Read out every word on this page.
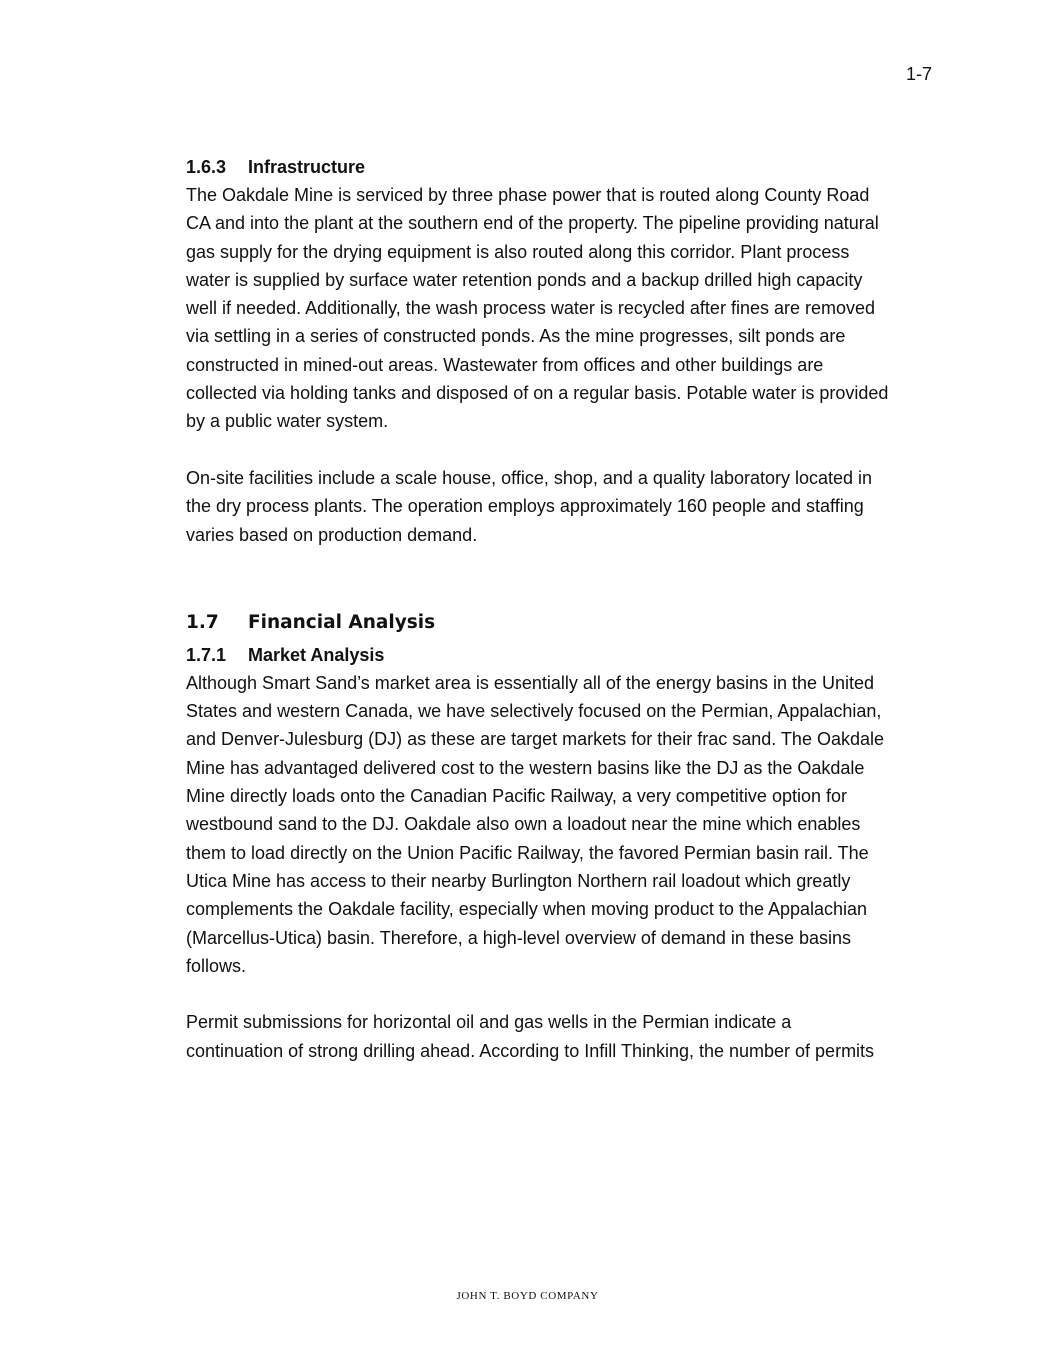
1-7
1.6.3	Infrastructure

The Oakdale Mine is serviced by three phase power that is routed along County Road
CA and into the plant at the southern end of the property. The pipeline providing natural
gas supply for the drying equipment is also routed along this corridor. Plant process
water is supplied by surface water retention ponds and a backup drilled high capacity
well if needed. Additionally, the wash process water is recycled after fines are removed
via settling in a series of constructed ponds. As the mine progresses, silt ponds are
constructed in mined-out areas. Wastewater from offices and other buildings are
collected via holding tanks and disposed of on a regular basis. Potable water is provided
by a public water system.

On-site facilities include a scale house, office, shop, and a quality laboratory located in
the dry process plants. The operation employs approximately 160 people and staffing
varies based on production demand.

1.7	Financial Analysis
1.7.1	Market Analysis

Although Smart Sand’s market area is essentially all of the energy basins in the United
States and western Canada, we have selectively focused on the Permian, Appalachian,
and Denver-Julesburg (DJ) as these are target markets for their frac sand. The Oakdale
Mine has advantaged delivered cost to the western basins like the DJ as the Oakdale
Mine directly loads onto the Canadian Pacific Railway, a very competitive option for
westbound sand to the DJ. Oakdale also own a loadout near the mine which enables
them to load directly on the Union Pacific Railway, the favored Permian basin rail. The
Utica Mine has access to their nearby Burlington Northern rail loadout which greatly
complements the Oakdale facility, especially when moving product to the Appalachian
(Marcellus-Utica) basin. Therefore, a high-level overview of demand in these basins
follows.

Permit submissions for horizontal oil and gas wells in the Permian indicate a
continuation of strong drilling ahead. According to Infill Thinking, the number of permits

JOHN T. BOYD COMPANY
